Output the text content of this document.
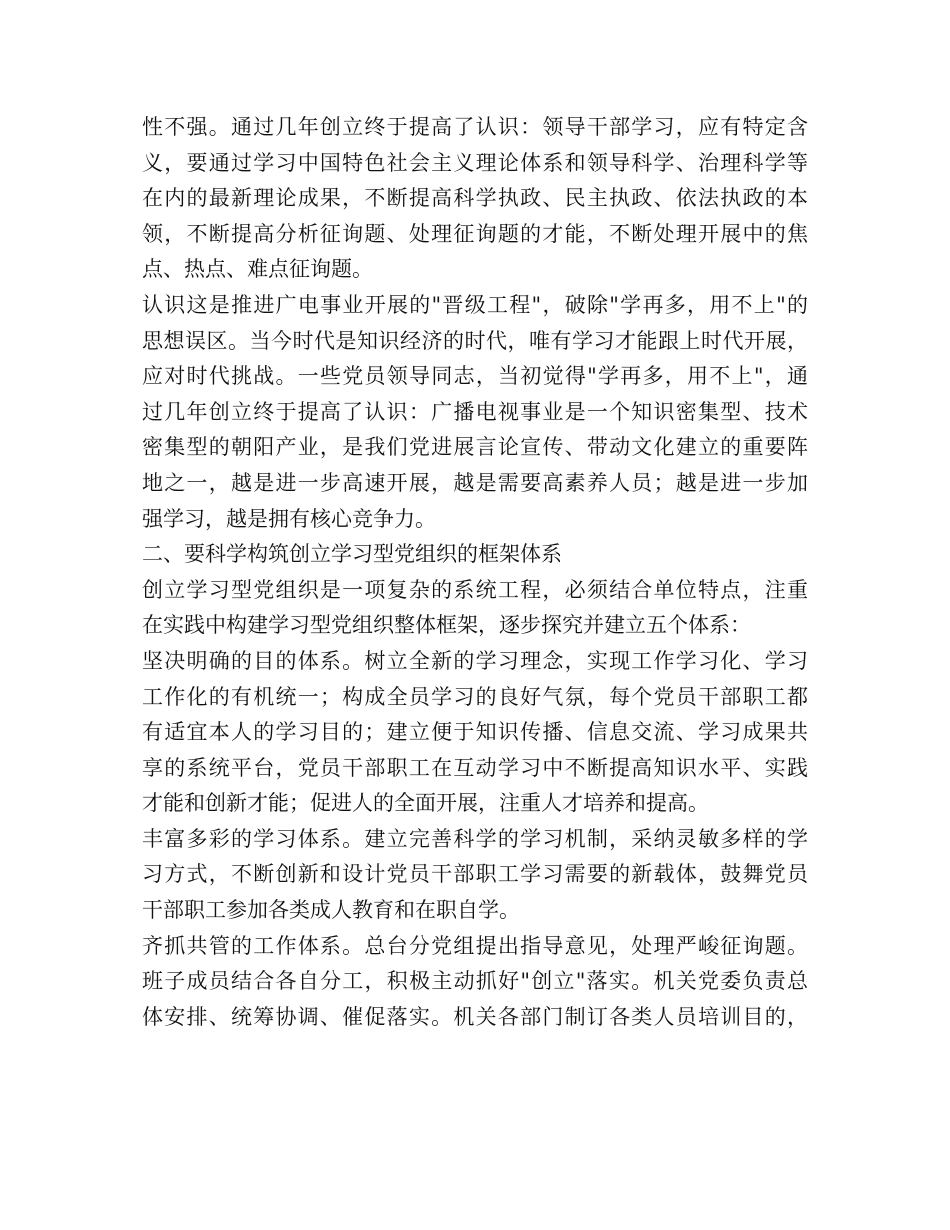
性不强。通过几年创立终于提高了认识：领导干部学习，应有特定含
义，要通过学习中国特色社会主义理论体系和领导科学、治理科学等
在内的最新理论成果，不断提高科学执政、民主执政、依法执政的本
领，不断提高分析征询题、处理征询题的才能，不断处理开展中的焦
点、热点、难点征询题。
认识这是推进广电事业开展的"晋级工程"，破除"学再多，用不上"的
思想误区。当今时代是知识经济的时代，唯有学习才能跟上时代开展，
应对时代挑战。一些党员领导同志，当初觉得"学再多，用不上"，通
过几年创立终于提高了认识：广播电视事业是一个知识密集型、技术
密集型的朝阳产业，是我们党进展言论宣传、带动文化建立的重要阵
地之一，越是进一步高速开展，越是需要高素养人员；越是进一步加
强学习，越是拥有核心竞争力。
二、要科学构筑创立学习型党组织的框架体系
创立学习型党组织是一项复杂的系统工程，必须结合单位特点，注重
在实践中构建学习型党组织整体框架，逐步探究并建立五个体系：
坚决明确的目的体系。树立全新的学习理念，实现工作学习化、学习
工作化的有机统一；构成全员学习的良好气氛，每个党员干部职工都
有适宜本人的学习目的；建立便于知识传播、信息交流、学习成果共
享的系统平台，党员干部职工在互动学习中不断提高知识水平、实践
才能和创新才能；促进人的全面开展，注重人才培养和提高。
丰富多彩的学习体系。建立完善科学的学习机制，采纳灵敏多样的学
习方式，不断创新和设计党员干部职工学习需要的新载体，鼓舞党员
干部职工参加各类成人教育和在职自学。
齐抓共管的工作体系。总台分党组提出指导意见，处理严峻征询题。
班子成员结合各自分工，积极主动抓好"创立"落实。机关党委负责总
体安排、统筹协调、催促落实。机关各部门制订各类人员培训目的，
